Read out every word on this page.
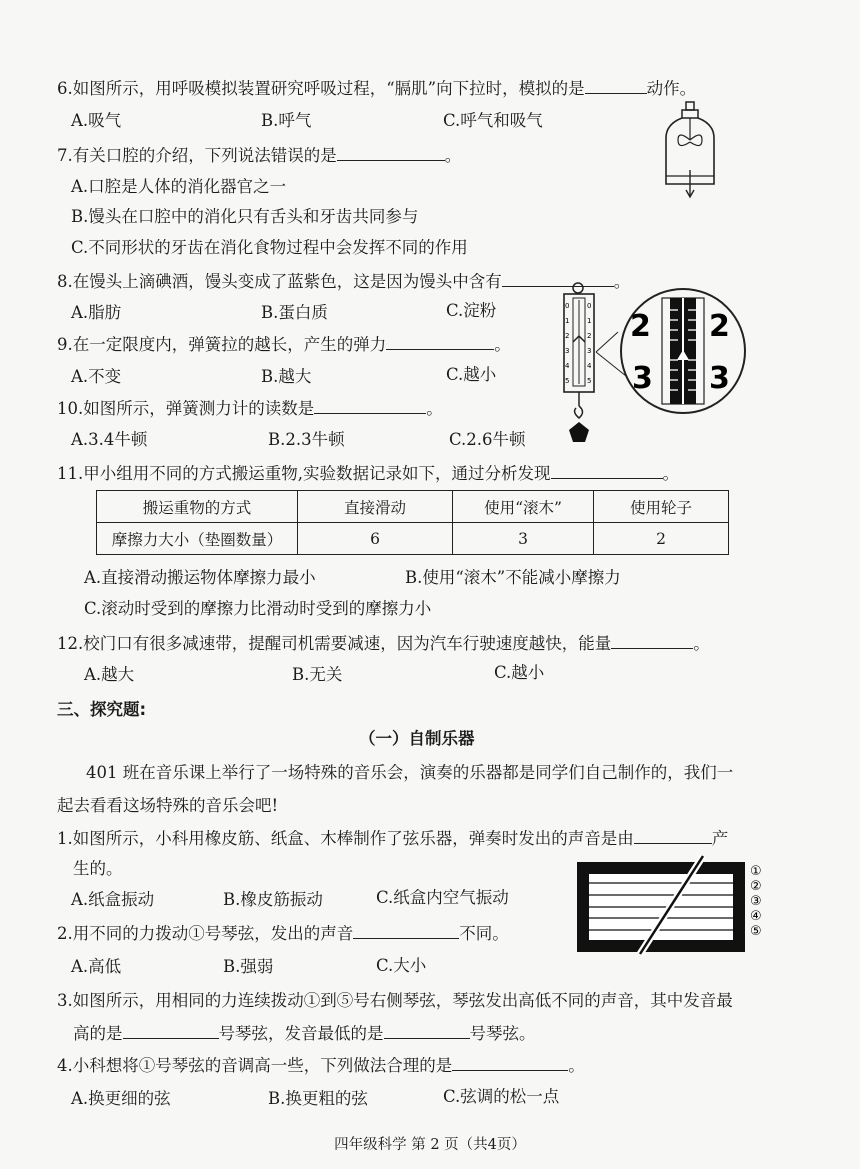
6.如图所示，用呼吸模拟装置研究呼吸过程，“膈肌”向下拉时，模拟的是	动作。
A.吸气	B.呼气	C.呼气和吸气
7.有关口腔的介绍，下列说法错误的是	。
A.口腔是人体的消化器官之一
B.馒头在口腔中的消化只有舌头和牙齿共同参与
C.不同形状的牙齿在消化食物过程中会发挥不同的作用
8.在馒头上滴碘酒，馒头变成了蓝紫色，这是因为馒头中含有	。
A.脂肪	B.蛋白质	C.淀粉
9.在一定限度内，弹簧拉的越长，产生的弹力	。
A.不变	B.越大	C.越小
0
1
2
3
4
5
0
1
2
3
4
5
2 2
3 3
10.如图所示，弹簧测力计的读数是	。
A.3.4牛顿	B.2.3牛顿	C.2.6牛顿
11.甲小组用不同的方式搬运重物,实验数据记录如下，通过分析发现	。
搬运重物的方式	直接滑动	使用“滚木”	使用轮子
摩擦力大小（垫圈数量）	6	3	2
A.直接滑动搬运物体摩擦力最小	B.使用“滚木”不能减小摩擦力
C.滚动时受到的摩擦力比滑动时受到的摩擦力小
12.校门口有很多减速带，提醒司机需要减速，因为汽车行驶速度越快，能量	。
A.越大	B.无关	C.越小
三、探究题:
（一）自制乐器
401 班在音乐课上举行了一场特殊的音乐会，演奏的乐器都是同学们自己制作的，我们一
起去看看这场特殊的音乐会吧!
1.如图所示，小科用橡皮筋、纸盒、木棒制作了弦乐器，弹奏时发出的声音是由	产
生的。
A.纸盒振动	B.橡皮筋振动	C.纸盒内空气振动
①
②
③
④
⑤
2.用不同的力拨动①号琴弦，发出的声音	不同。
A.高低	B.强弱	C.大小
3.如图所示，用相同的力连续拨动①到⑤号右侧琴弦，琴弦发出高低不同的声音，其中发音最
高的是	号琴弦，发音最低的是	号琴弦。
4.小科想将①号琴弦的音调高一些，下列做法合理的是	。
A.换更细的弦	B.换更粗的弦	C.弦调的松一点
四年级科学 第 2 页（共4页）
